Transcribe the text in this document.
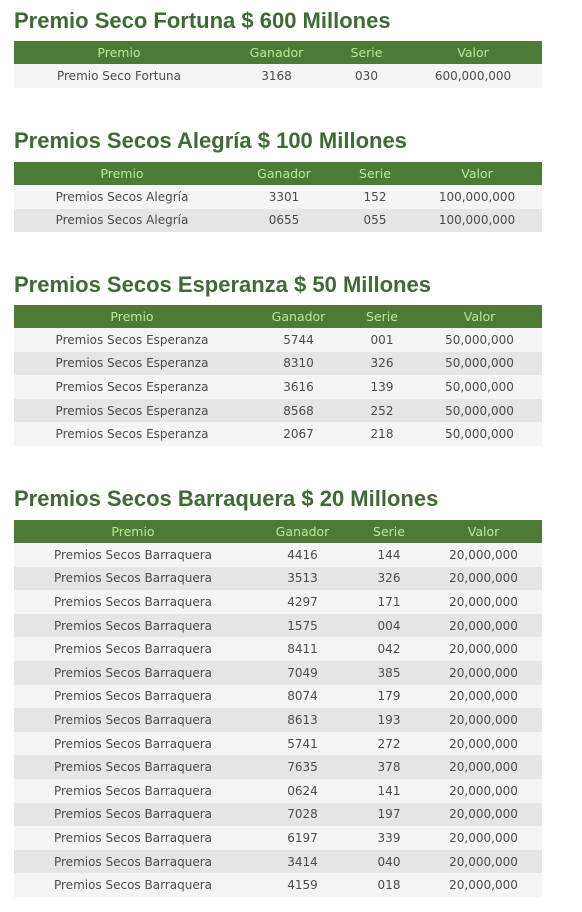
Premio Seco Fortuna $ 600 Millones
Premio	Ganador	Serie	Valor
Premio Seco Fortuna	3168	030	600,000,000
Premios Secos Alegría $ 100 Millones
Premio	Ganador	Serie	Valor
Premios Secos Alegría	3301	152	100,000,000
Premios Secos Alegría	0655	055	100,000,000
Premios Secos Esperanza $ 50 Millones
Premio	Ganador	Serie	Valor
Premios Secos Esperanza	5744	001	50,000,000
Premios Secos Esperanza	8310	326	50,000,000
Premios Secos Esperanza	3616	139	50,000,000
Premios Secos Esperanza	8568	252	50,000,000
Premios Secos Esperanza	2067	218	50,000,000
Premios Secos Barraquera $ 20 Millones
Premio	Ganador	Serie	Valor
Premios Secos Barraquera	4416	144	20,000,000
Premios Secos Barraquera	3513	326	20,000,000
Premios Secos Barraquera	4297	171	20,000,000
Premios Secos Barraquera	1575	004	20,000,000
Premios Secos Barraquera	8411	042	20,000,000
Premios Secos Barraquera	7049	385	20,000,000
Premios Secos Barraquera	8074	179	20,000,000
Premios Secos Barraquera	8613	193	20,000,000
Premios Secos Barraquera	5741	272	20,000,000
Premios Secos Barraquera	7635	378	20,000,000
Premios Secos Barraquera	0624	141	20,000,000
Premios Secos Barraquera	7028	197	20,000,000
Premios Secos Barraquera	6197	339	20,000,000
Premios Secos Barraquera	3414	040	20,000,000
Premios Secos Barraquera	4159	018	20,000,000
